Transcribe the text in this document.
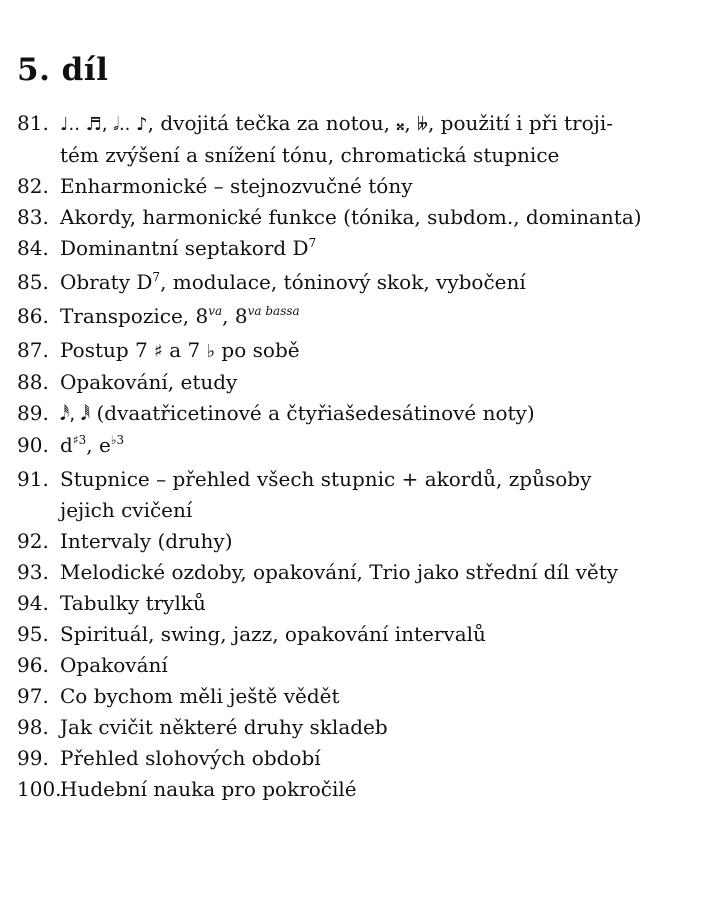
5. díl
81. ♩.. ♬, 𝅗𝅥.. ♪, dvojitá tečka za notou, 𝄪, 𝄫, použití i při troji-
tém zvýšení a snížení tónu, chromatická stupnice
82. Enharmonické – stejnozvučné tóny
83. Akordy, harmonické funkce (tónika, subdom., dominanta)
84. Dominantní septakord $D^7$
85. Obraty $D^7$, modulace, tóninový skok, vybočení
86. Transpozice, $8^{va}$, $8^{va bassa}$
87. Postup 7 ♯ a 7 ♭ po sobě
88. Opakování, etudy
89. 𝅘𝅥𝅰, 𝅘𝅥𝅱 (dvaatřicetinové a čtyřiašedesátinové noty)
90. $d^{♯3}$, $e^{♭3}$
91. Stupnice – přehled všech stupnic + akordů, způsoby jejich cvičení
92. Intervaly (druhy)
93. Melodické ozdoby, opakování, Trio jako střední díl věty
94. Tabulky trylků
95. Spirituál, swing, jazz, opakování intervalů
96. Opakování
97. Co bychom měli ještě vědět
98. Jak cvičit některé druhy skladeb
99. Přehled slohových období
100.
Hudební nauka pro pokročilé
